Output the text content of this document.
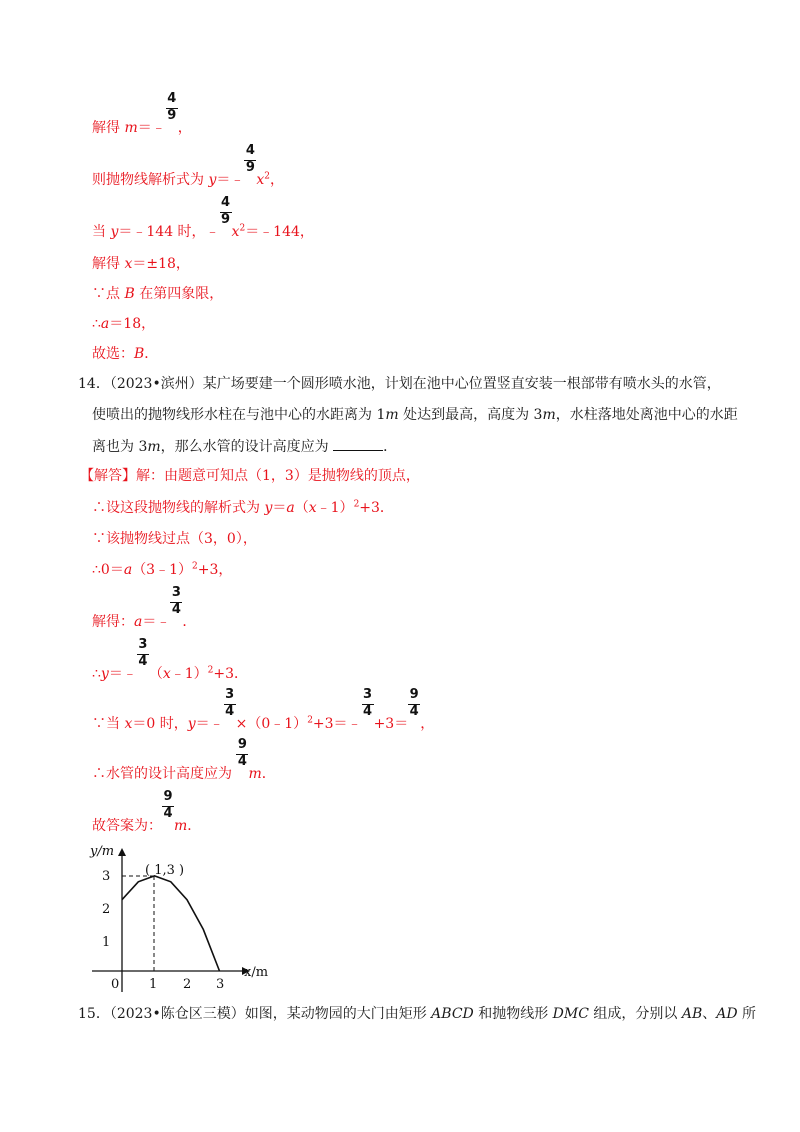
解得 m＝﹣ $\frac{4}{9}$ ，
则抛物线解析式为 y＝﹣ $\frac{4}{9} x^2$，
当 y＝﹣144 时，﹣ $\frac{4}{9}$ $x^2=﹣144$，
解得 x＝±18，
∵点 B 在第四象限，
∴a＝18，
故选：B．
14．（2023•滨州）某广场要建一个圆形喷水池，计划在池中心位置竖直安装一根部带有喷水头的水管，
使喷出的抛物线形水柱在与池中心的水距离为 1m 处达到最高，高度为 3m，水柱落地处离池中心的水距
离也为 3m，那么水管的设计高度应为	．
【解答】解：由题意可知点（1，3）是抛物线的顶点，
∴设这段抛物线的解析式为 y＝a（x﹣1）$^2$+3．
∵该抛物线过点（3，0），
∴0＝a（3﹣1）$^2$+3，
解得：a＝﹣ $\frac{3}{4}$ ．
∴y＝﹣ $\frac{3}{4}$ （x﹣1）$^2$+3．
∵当 x＝0 时，y＝﹣ $\frac{3}{4}$ ×（0﹣1）$^2$+3＝﹣ $\frac{3}{4} +3= \frac{9}{4}$ ，
∴水管的设计高度应为 $\frac{9}{4}$ m．
故答案为： $\frac{9}{4}$ m．
y/m
x/m
0 1 2 3
1
2
3	( 1,3 )
15．（2023•陈仓区三模）如图，某动物园的大门由矩形 ABCD 和抛物线形 DMC 组成，分别以 AB、AD 所
